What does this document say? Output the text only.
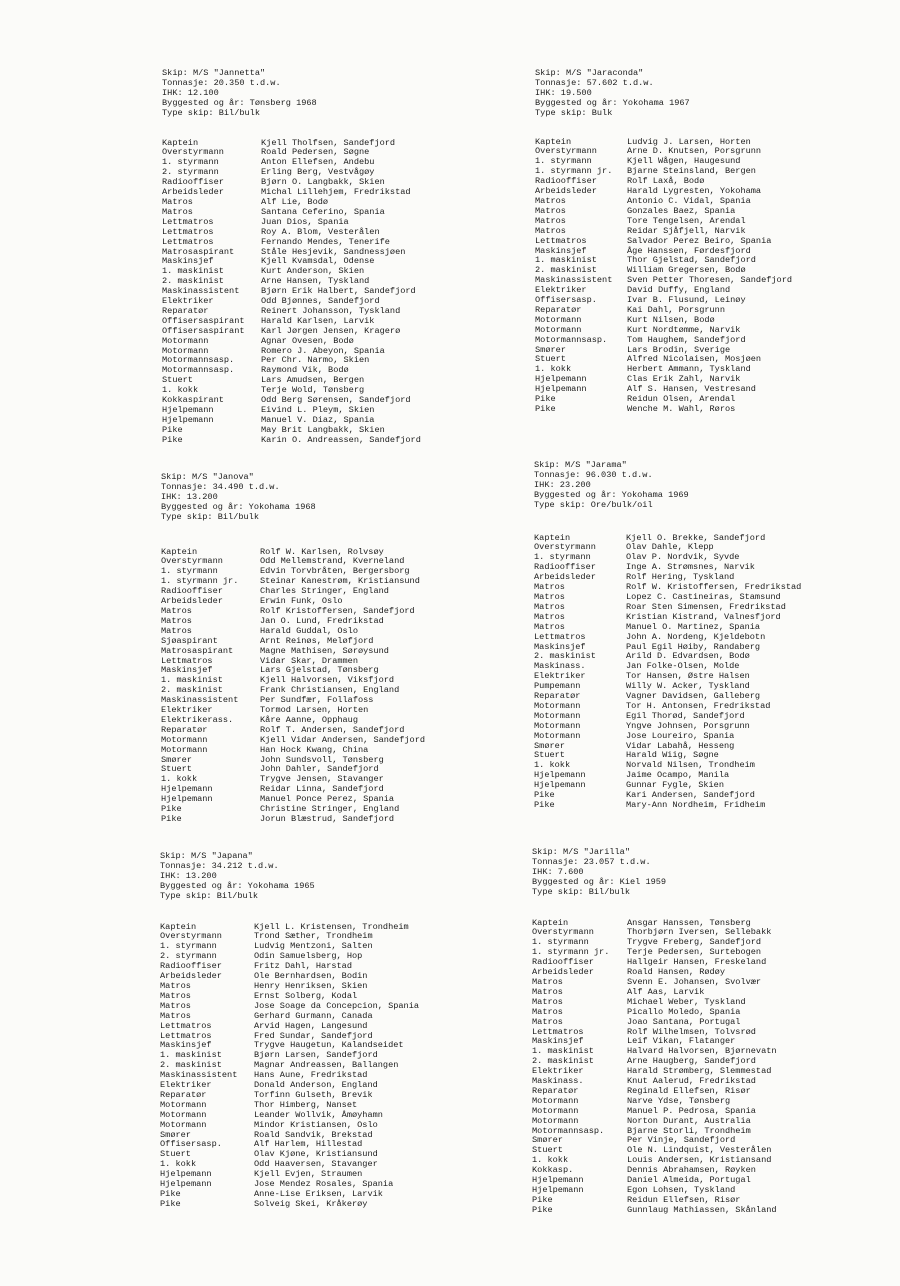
Skip: M/S "Jannetta"
Tonnasje: 20.350 t.d.w.
IHK: 12.100
Byggested og år: Tønsberg 1968
Type skip: Bil/bulk
Kaptein	Kjell Tholfsen, Sandefjord
Overstyrmann	Roald Pedersen, Søgne
1. styrmann	Anton Ellefsen, Andebu
2. styrmann	Erling Berg, Vestvågøy
Radiooffiser	Bjørn O. Langbakk, Skien
Arbeidsleder	Michal Lillehjem, Fredrikstad
Matros	Alf Lie, Bodø
Matros	Santana Ceferino, Spania
Lettmatros	Juan Dios, Spania
Lettmatros	Roy A. Blom, Vesterålen
Lettmatros	Fernando Mendes, Tenerife
Matrosaspirant	Ståle Hesjevik, Sandnessjøen
Maskinsjef	Kjell Kvamsdal, Odense
1. maskinist	Kurt Anderson, Skien
2. maskinist	Arne Hansen, Tyskland
Maskinassistent	Bjørn Erik Halbert, Sandefjord
Elektriker	Odd Bjønnes, Sandefjord
Reparatør	Reinert Johansson, Tyskland
Offisersaspirant	Harald Karlsen, Larvik
Offisersaspirant	Karl Jørgen Jensen, Kragerø
Motormann	Agnar Ovesen, Bodø
Motormann	Romero J. Abeyon, Spania
Motormannsasp.	Per Chr. Narmo, Skien
Motormannsasp.	Raymond Vik, Bodø
Stuert	Lars Amudsen, Bergen
1. kokk	Terje Wold, Tønsberg
Kokkaspirant	Odd Berg Sørensen, Sandefjord
Hjelpemann	Eivind L. Pleym, Skien
Hjelpemann	Manuel V. Diaz, Spania
Pike	May Brit Langbakk, Skien
Pike	Karin O. Andreassen, Sandefjord
Skip: M/S "Jaraconda"
Tonnasje: 57.602 t.d.w.
IHK: 19.500
Byggested og år: Yokohama 1967
Type skip: Bulk
Kaptein	Ludvig J. Larsen, Horten
Overstyrmann	Arne D. Knutsen, Porsgrunn
1. styrmann	Kjell Wågen, Haugesund
1. styrmann jr.	Bjarne Steinsland, Bergen
Radiooffiser	Rolf Laxå, Bodø
Arbeidsleder	Harald Lygresten, Yokohama
Matros	Antonio C. Vidal, Spania
Matros	Gonzales Baez, Spania
Matros	Tore Tengelsen, Arendal
Matros	Reidar Sjåfjell, Narvik
Lettmatros	Salvador Perez Beiro, Spania
Maskinsjef	Åge Hanssen, Førdesfjord
1. maskinist	Thor Gjelstad, Sandefjord
2. maskinist	William Gregersen, Bodø
Maskinassistent	Sven Petter Thoresen, Sandefjord
Elektriker	David Duffy, England
Offisersasp.	Ivar B. Flusund, Leinøy
Reparatør	Kai Dahl, Porsgrunn
Motormann	Kurt Nilsen, Bodø
Motormann	Kurt Nordtømme, Narvik
Motormannsasp.	Tom Haughem, Sandefjord
Smører	Lars Brodin, Sverige
Stuert	Alfred Nicolaisen, Mosjøen
1. kokk	Herbert Ammann, Tyskland
Hjelpemann	Clas Erik Zahl, Narvik
Hjelpemann	Alf S. Hansen, Vestresand
Pike	Reidun Olsen, Arendal
Pike	Wenche M. Wahl, Røros
Skip: M/S "Janova"
Tonnasje: 34.490 t.d.w.
IHK: 13.200
Byggested og år: Yokohama 1968
Type skip: Bil/bulk
Kaptein	Rolf W. Karlsen, Rolvsøy
Overstyrmann	Odd Mellemstrand, Kverneland
1. styrmann	Edvin Torvbråten, Bergersborg
1. styrmann jr.	Steinar Kanestrøm, Kristiansund
Radiooffiser	Charles Stringer, England
Arbeidsleder	Erwin Funk, Oslo
Matros	Rolf Kristoffersen, Sandefjord
Matros	Jan O. Lund, Fredrikstad
Matros	Harald Guddal, Oslo
Sjøaspirant	Arnt Reinøs, Meløfjord
Matrosaspirant	Magne Mathisen, Sørøysund
Lettmatros	Vidar Skar, Drammen
Maskinsjef	Lars Gjelstad, Tønsberg
1. maskinist	Kjell Halvorsen, Viksfjord
2. maskinist	Frank Christiansen, England
Maskinassistent	Per Sundfær, Follafoss
Elektriker	Tormod Larsen, Horten
Elektrikerass.	Kåre Aanne, Opphaug
Reparatør	Rolf T. Andersen, Sandefjord
Motormann	Kjell Vidar Andersen, Sandefjord
Motormann	Han Hock Kwang, China
Smører	John Sundsvoll, Tønsberg
Stuert	John Dahler, Sandefjord
1. kokk	Trygve Jensen, Stavanger
Hjelpemann	Reidar Linna, Sandefjord
Hjelpemann	Manuel Ponce Perez, Spania
Pike	Christine Stringer, England
Pike	Jorun Blæstrud, Sandefjord
Skip: M/S "Jarama"
Tonnasje: 96.030 t.d.w.
IHK: 23.200
Byggested og år: Yokohama 1969
Type skip: Ore/bulk/oil
Kaptein	Kjell O. Brekke, Sandefjord
Overstyrmann	Olav Dahle, Klepp
1. styrmann	Olav P. Nordvik, Syvde
Radiooffiser	Inge A. Strømsnes, Narvik
Arbeidsleder	Rolf Hering, Tyskland
Matros	Rolf W. Kristoffersen, Fredrikstad
Matros	Lopez C. Castineiras, Stamsund
Matros	Roar Sten Simensen, Fredrikstad
Matros	Kristian Kistrand, Valnesfjord
Matros	Manuel O. Martinez, Spania
Lettmatros	John A. Nordeng, Kjeldebotn
Maskinsjef	Paul Egil Høiby, Randaberg
2. maskinist	Arild D. Edvardsen, Bodø
Maskinass.	Jan Folke-Olsen, Molde
Elektriker	Tor Hansen, Østre Halsen
Pumpemann	Willy W. Acker, Tyskland
Reparatør	Vagner Davidsen, Galleberg
Motormann	Tor H. Antonsen, Fredrikstad
Motormann	Egil Thorød, Sandefjord
Motormann	Yngve Johnsen, Porsgrunn
Motormann	Jose Loureiro, Spania
Smører	Vidar Labahå, Hesseng
Stuert	Harald Wiig, Søgne
1. kokk	Norvald Nilsen, Trondheim
Hjelpemann	Jaime Ocampo, Manila
Hjelpemann	Gunnar Fygle, Skien
Pike	Kari Andersen, Sandefjord
Pike	Mary-Ann Nordheim, Fridheim
Skip: M/S "Japana"
Tonnasje: 34.212 t.d.w.
IHK: 13.200
Byggested og år: Yokohama 1965
Type skip: Bil/bulk
Kaptein	Kjell L. Kristensen, Trondheim
Overstyrmann	Trond Sæther, Trondheim
1. styrmann	Ludvig Mentzoni, Salten
2. styrmann	Odin Samuelsberg, Hop
Radiooffiser	Fritz Dahl, Harstad
Arbeidsleder	Ole Bernhardsen, Bodin
Matros	Henry Henriksen, Skien
Matros	Ernst Solberg, Kodal
Matros	Jose Soage da Concepcion, Spania
Matros	Gerhard Gurmann, Canada
Lettmatros	Arvid Hagen, Langesund
Lettmatros	Fred Sundar, Sandefjord
Maskinsjef	Trygve Haugetun, Kalandseidet
1. maskinist	Bjørn Larsen, Sandefjord
2. maskinist	Magnar Andreassen, Ballangen
Maskinassistent	Hans Aune, Fredrikstad
Elektriker	Donald Anderson, England
Reparatør	Torfinn Gulseth, Brevik
Motormann	Thor Himberg, Nanset
Motormann	Leander Wollvik, Åmøyhamn
Motormann	Mindor Kristiansen, Oslo
Smører	Roald Sandvik, Brekstad
Offisersasp.	Alf Harlem, Hillestad
Stuert	Olav Kjøne, Kristiansund
1. kokk	Odd Haaversen, Stavanger
Hjelpemann	Kjell Evjen, Straumen
Hjelpemann	Jose Mendez Rosales, Spania
Pike	Anne-Lise Eriksen, Larvik
Pike	Solveig Skei, Kråkerøy
Skip: M/S "Jarilla"
Tonnasje: 23.057 t.d.w.
IHK: 7.600
Byggested og år: Kiel 1959
Type skip: Bil/bulk
Kaptein	Ansgar Hanssen, Tønsberg
Overstyrmann	Thorbjørn Iversen, Sellebakk
1. styrmann	Trygve Freberg, Sandefjord
1. styrmann jr.	Terje Pedersen, Surtebogen
Radiooffiser	Hallgeir Hansen, Freskeland
Arbeidsleder	Roald Hansen, Rødøy
Matros	Svenn E. Johansen, Svolvær
Matros	Alf Aas, Larvik
Matros	Michael Weber, Tyskland
Matros	Picallo Moledo, Spania
Matros	Joao Santana, Portugal
Lettmatros	Rolf Wilhelmsen, Tolvsrød
Maskinsjef	Leif Vikan, Flatanger
1. maskinist	Halvard Halvorsen, Bjørnevatn
2. maskinist	Arne Haugberg, Sandefjord
Elektriker	Harald Strømberg, Slemmestad
Maskinass.	Knut Aalerud, Fredrikstad
Reparatør	Reginald Ellefsen, Risør
Motormann	Narve Ydse, Tønsberg
Motormann	Manuel P. Pedrosa, Spania
Motormann	Norton Durant, Australia
Motormannsasp.	Bjarne Storli, Trondheim
Smører	Per Vinje, Sandefjord
Stuert	Ole N. Lindquist, Vesterålen
1. kokk	Louis Andersen, Kristiansand
Kokkasp.	Dennis Abrahamsen, Røyken
Hjelpemann	Daniel Almeida, Portugal
Hjelpemann	Egon Lohsen, Tyskland
Pike	Reidun Ellefsen, Risør
Pike	Gunnlaug Mathiassen, Skånland
